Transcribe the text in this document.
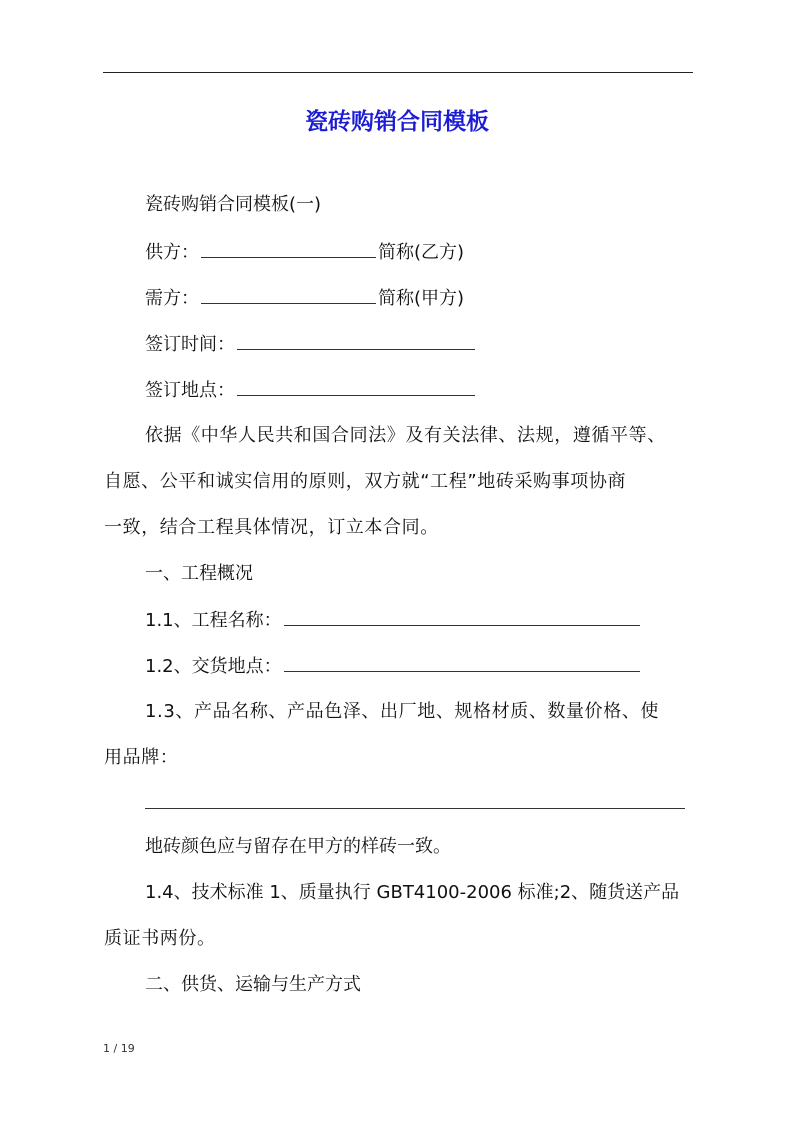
瓷砖购销合同模板
瓷砖购销合同模板(一)
供方：	简称(乙方)
需方：	简称(甲方)
签订时间：
签订地点：
依据《中华人民共和国合同法》及有关法律、法规，遵循平等、
自愿、公平和诚实信用的原则，双方就“工程”地砖采购事项协商
一致，结合工程具体情况，订立本合同。
一、工程概况
1.1、工程名称：
1.2、交货地点：
1.3、产品名称、产品色泽、出厂地、规格材质、数量价格、使
用品牌：
地砖颜色应与留存在甲方的样砖一致。
1.4、技术标准 1、质量执行 GBT4100-2006 标准;2、随货送产品
质证书两份。
二、供货、运输与生产方式
1 / 19
